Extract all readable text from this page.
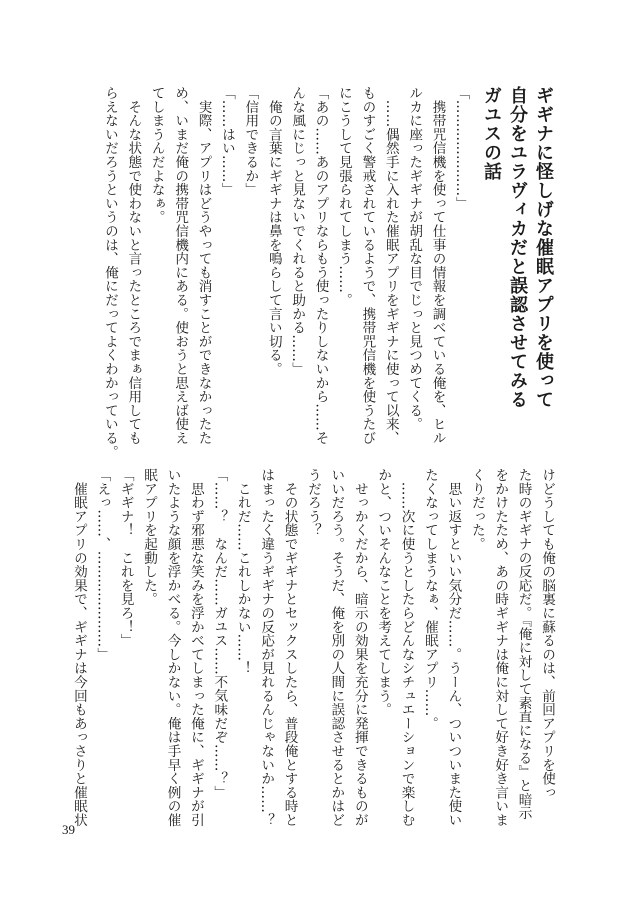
ギギナに怪しげな催眠アプリを使って
自分をユラヴィカだと誤認させてみる
ガユスの話
「…………………」
　携帯咒信機を使って仕事の情報を調べている俺を、ヒル
ルカに座ったギギナが胡乱な目でじっと見つめてくる。
　……偶然手に入れた催眠アプリをギギナに使って以来、
ものすごく警戒されているようで、携帯咒信機を使うたび
にこうして見張られてしまう……。
「あの……あのアプリならもう使ったりしないから……そ
んな風にじっと見ないでくれると助かる……」
　俺の言葉にギギナは鼻を鳴らして言い切る。
「信用できるか」
「……はい……」
　実際、アプリはどうやっても消すことができなかったた
め、いまだ俺の携帯咒信機内にある。使おうと思えば使え
てしまうんだよなぁ。
　そんな状態で使わないと言ったところでまぁ信用しても
らえないだろうというのは、俺にだってよくわかっている。
けどうしても俺の脳裏に蘇るのは、前回アプリを使っ
た時のギギナの反応だ。『俺に対して素直になる』と暗示
をかけたため、あの時ギギナは俺に対して好き好き言いま
くりだった。
　思い返すといい気分だ……。うーん、ついついまた使い
たくなってしまうなぁ、催眠アプリ……。
　……次に使うとしたらどんなシチュエーションで楽しむ
かと、ついそんなことを考えてしまう。
　せっかくだから、暗示の効果を充分に発揮できるものが
いいだろう。そうだ、俺を別の人間に誤認させるとかはど
うだろう？
　その状態でギギナとセックスしたら、普段俺とする時と
はまったく違うギギナの反応が見れるんじゃないか……？
　これだ……これしかない……！
「……？　なんだ……ガユス……不気味だぞ……？」
　思わず邪悪な笑みを浮かべてしまった俺に、ギギナが引
いたような顔を浮かべる。今しかない。俺は手早く例の催
眠アプリを起動した。
「ギギナ！　これを見ろ！」
「えっ……、…………………」
　催眠アプリの効果で、ギギナは今回もあっさりと催眠状
39
